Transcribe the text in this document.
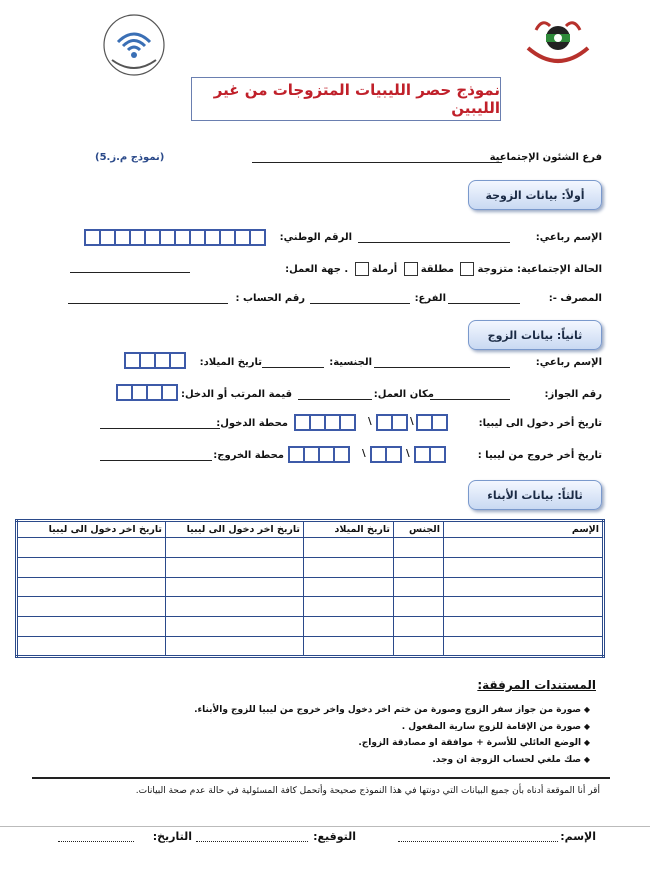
نموذج حصر الليبيات المتزوجات من غير الليبين
فرع الشئون الإجتماعية
(نموذج م.ز.5)
أولاً: بيانات الزوجة
الإسم رباعي:
الرقم الوطني:
الحالة الإجتماعية: متزوجة مطلقة أرملة . جهة العمل:
المصرف -:
الفرع:
رقم الحساب :
ثانياً: بيانات الزوج
الإسم رباعي:
الجنسية:
تاريخ الميلاد:
رقم الجواز:
مكان العمل:
قيمة المرتب أو الدخل:
تاريخ أخر دخول الى ليبيا:
\	\
محطة الدخول:
تاريخ أخر خروج من ليبيا :
\	\
محطة الخروج:
ثالثاً: بيانات الأبناء
الإسم	الجنس	تاريخ الميلاد	تاريخ اخر دخول الى ليبيا	تاريخ اخر دخول الى ليبيا

المستندات المرفقة:
◆ صورة من جواز سفر الزوج وصورة من ختم اخر دخول واخر خروج من ليبيا للزوج والأبناء.
◆ صورة من الإقامة للزوج سارية المفعول .
◆ الوضع العائلي للأسرة + موافقة او مصادقة الزواج.
◆ صك ملغي لحساب الزوجة ان وجد.
أقر أنا الموقعة أدناه بأن جميع البيانات التي دونتها في هذا النموذج صحيحة وأتحمل كافة المسئولية في حالة عدم صحة البيانات.
الإسم:
التوقيع:
التاريخ:
